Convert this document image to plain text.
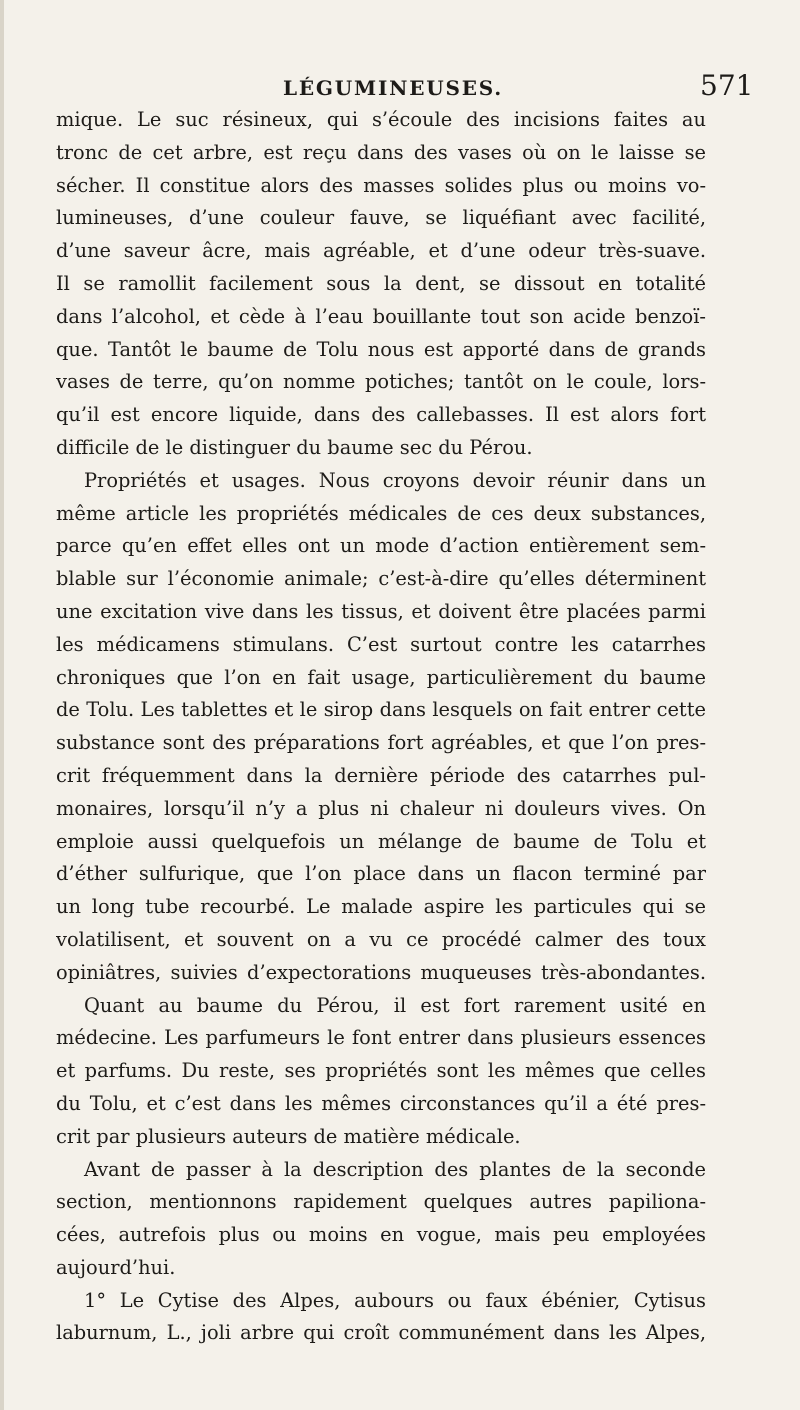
LÉGUMINEUSES.	571
mique. Le suc résineux, qui s’écoule des incisions faites au
tronc de cet arbre, est reçu dans des vases où on le laisse se
sécher. Il constitue alors des masses solides plus ou moins vo-
lumineuses, d’une couleur fauve, se liquéfiant avec facilité,
d’une saveur âcre, mais agréable, et d’une odeur très-suave.
Il se ramollit facilement sous la dent, se dissout en totalité
dans l’alcohol, et cède à l’eau bouillante tout son acide benzoï-
que. Tantôt le baume de Tolu nous est apporté dans de grands
vases de terre, qu’on nomme potiches; tantôt on le coule, lors-
qu’il est encore liquide, dans des callebasses. Il est alors fort
difficile de le distinguer du baume sec du Pérou.
Propriétés et usages. Nous croyons devoir réunir dans un
même article les propriétés médicales de ces deux substances,
parce qu’en effet elles ont un mode d’action entièrement sem-
blable sur l’économie animale; c’est-à-dire qu’elles déterminent
une excitation vive dans les tissus, et doivent être placées parmi
les médicamens stimulans. C’est surtout contre les catarrhes
chroniques que l’on en fait usage, particulièrement du baume
de Tolu. Les tablettes et le sirop dans lesquels on fait entrer cette
substance sont des préparations fort agréables, et que l’on pres-
crit fréquemment dans la dernière période des catarrhes pul-
monaires, lorsqu’il n’y a plus ni chaleur ni douleurs vives. On
emploie aussi quelquefois un mélange de baume de Tolu et
d’éther sulfurique, que l’on place dans un flacon terminé par
un long tube recourbé. Le malade aspire les particules qui se
volatilisent, et souvent on a vu ce procédé calmer des toux
opiniâtres, suivies d’expectorations muqueuses très-abondantes.
Quant au baume du Pérou, il est fort rarement usité en
médecine. Les parfumeurs le font entrer dans plusieurs essences
et parfums. Du reste, ses propriétés sont les mêmes que celles
du Tolu, et c’est dans les mêmes circonstances qu’il a été pres-
crit par plusieurs auteurs de matière médicale.
Avant de passer à la description des plantes de la seconde
section, mentionnons rapidement quelques autres papiliona-
cées, autrefois plus ou moins en vogue, mais peu employées
aujourd’hui.
1° Le Cytise des Alpes, aubours ou faux ébénier, Cytisus
laburnum, L., joli arbre qui croît communément dans les Alpes,
